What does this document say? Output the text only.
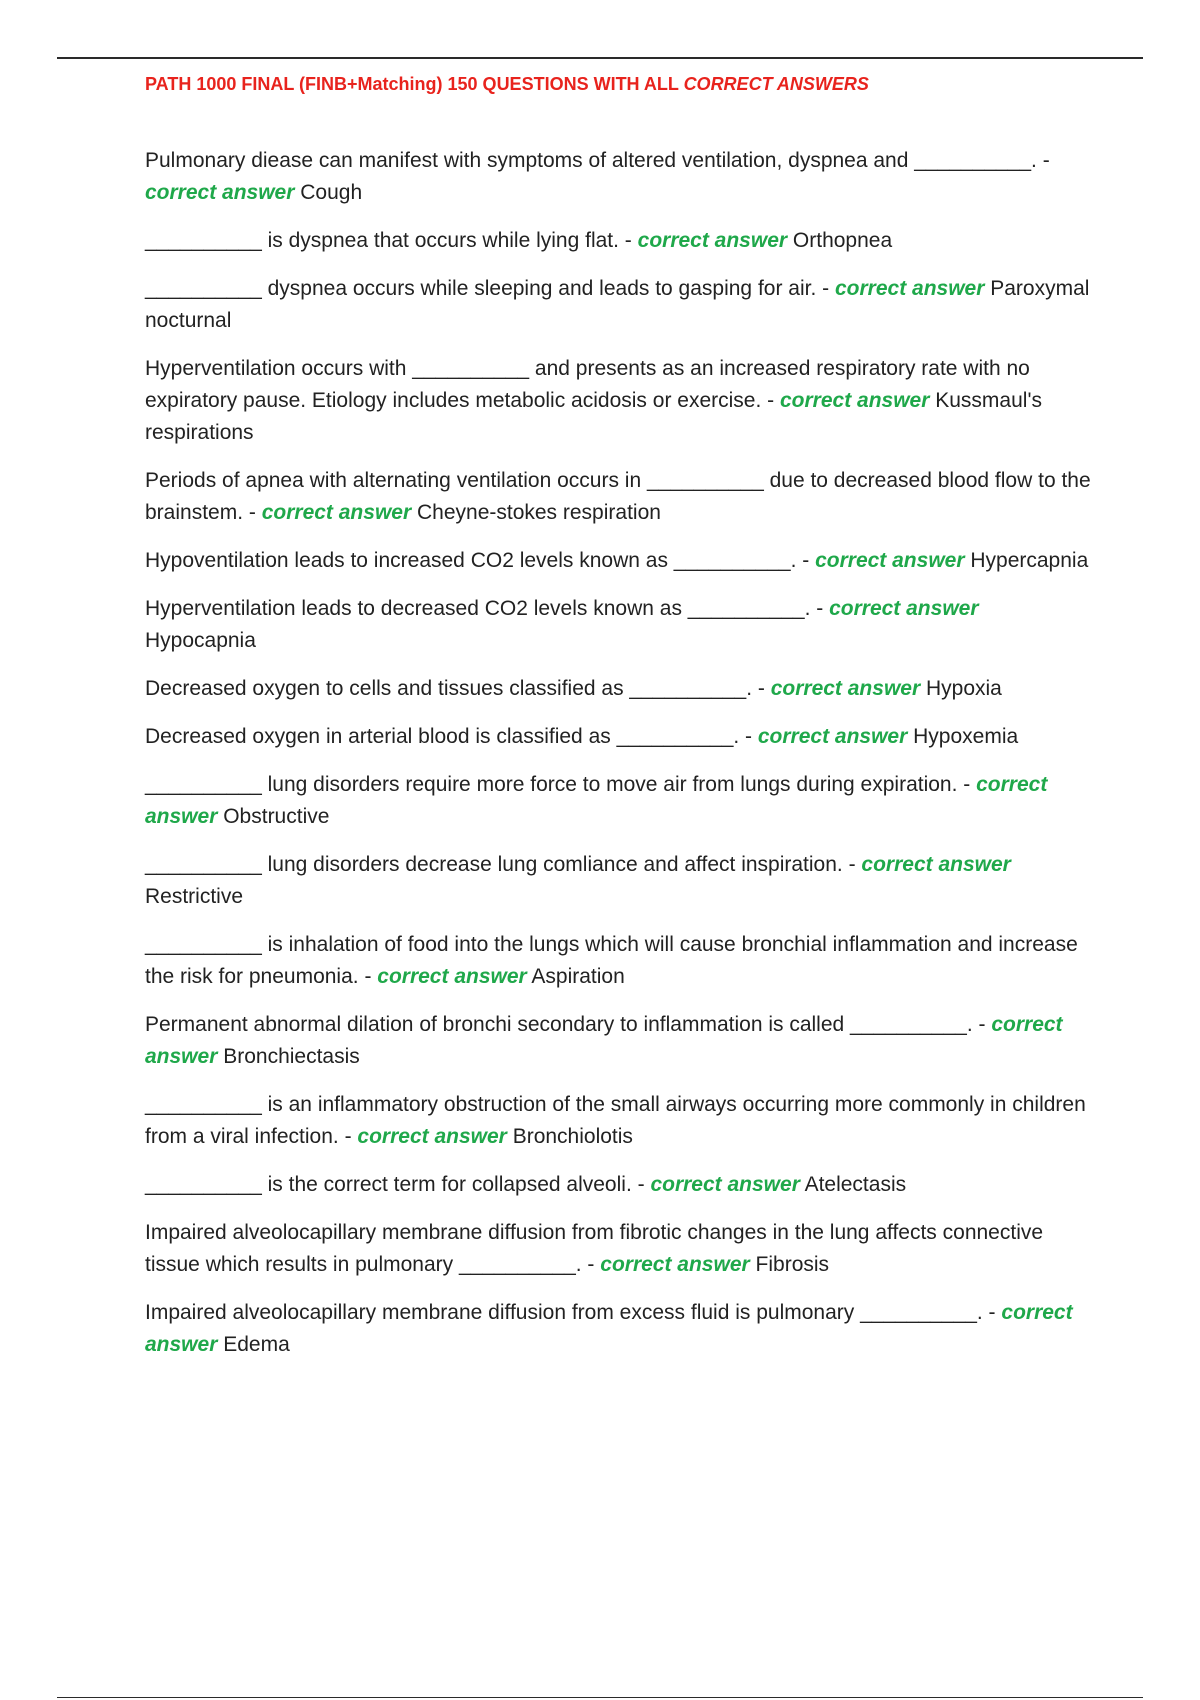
PATH 1000 FINAL (FINB+Matching) 150 QUESTIONS WITH ALL CORRECT ANSWERS

Pulmonary diease can manifest with symptoms of altered ventilation, dyspnea and __________. - correct answer Cough

__________ is dyspnea that occurs while lying flat. - correct answer Orthopnea

__________ dyspnea occurs while sleeping and leads to gasping for air. - correct answer Paroxymal nocturnal

Hyperventilation occurs with __________ and presents as an increased respiratory rate with no expiratory pause. Etiology includes metabolic acidosis or exercise. - correct answer Kussmaul's respirations

Periods of apnea with alternating ventilation occurs in __________ due to decreased blood flow to the brainstem. - correct answer Cheyne-stokes respiration

Hypoventilation leads to increased CO2 levels known as __________. - correct answer Hypercapnia

Hyperventilation leads to decreased CO2 levels known as __________. - correct answer Hypocapnia

Decreased oxygen to cells and tissues classified as __________. - correct answer Hypoxia

Decreased oxygen in arterial blood is classified as __________. - correct answer Hypoxemia

__________ lung disorders require more force to move air from lungs during expiration. - correct answer Obstructive

__________ lung disorders decrease lung comliance and affect inspiration. - correct answer Restrictive

__________ is inhalation of food into the lungs which will cause bronchial inflammation and increase the risk for pneumonia. - correct answer Aspiration

Permanent abnormal dilation of bronchi secondary to inflammation is called __________. - correct answer Bronchiectasis

__________ is an inflammatory obstruction of the small airways occurring more commonly in children from a viral infection. - correct answer Bronchiolotis

__________ is the correct term for collapsed alveoli. - correct answer Atelectasis

Impaired alveolocapillary membrane diffusion from fibrotic changes in the lung affects connective tissue which results in pulmonary __________. - correct answer Fibrosis

Impaired alveolocapillary membrane diffusion from excess fluid is pulmonary __________. - correct answer Edema
